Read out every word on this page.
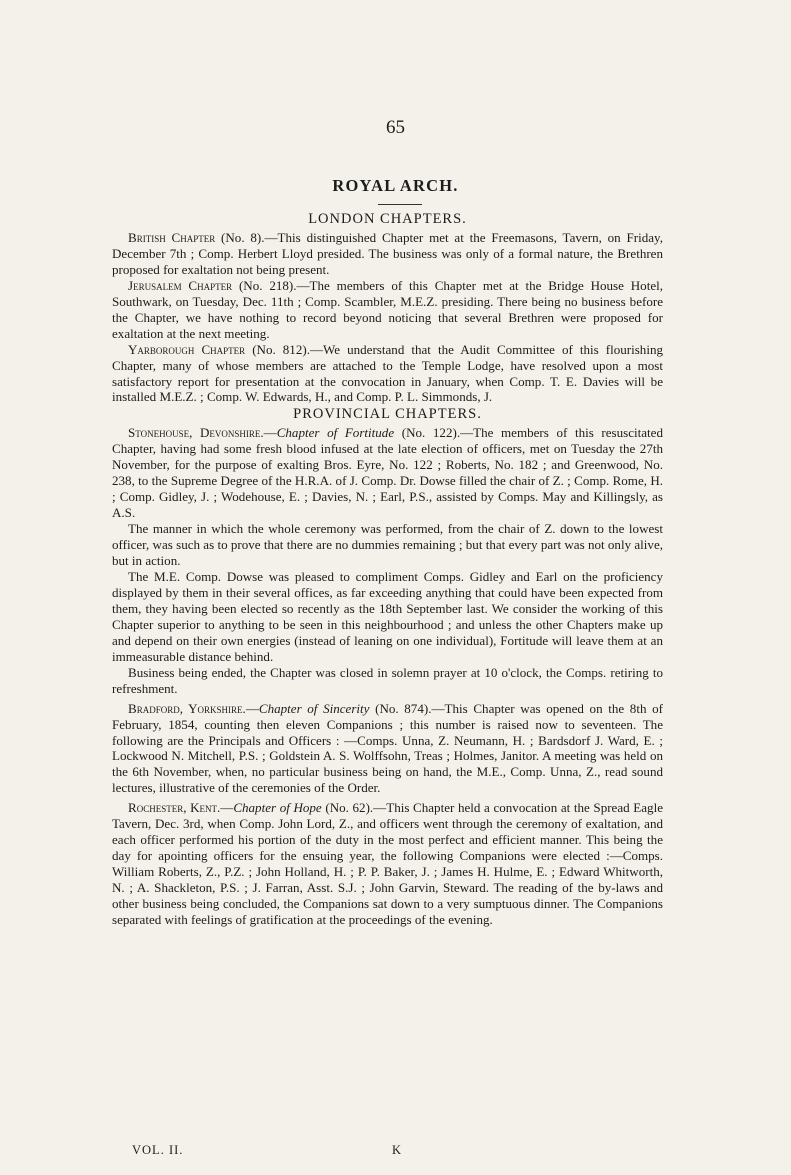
65
ROYAL ARCH.
LONDON CHAPTERS.

British Chapter (No. 8).—This distinguished Chapter met at the Freemasons, Tavern, on Friday, December 7th ; Comp. Herbert Lloyd presided. The business was only of a formal nature, the Brethren proposed for exaltation not being present.

Jerusalem Chapter (No. 218).—The members of this Chapter met at the Bridge House Hotel, Southwark, on Tuesday, Dec. 11th ; Comp. Scambler, M.E.Z. presiding. There being no business before the Chapter, we have nothing to record beyond noticing that several Brethren were proposed for exaltation at the next meeting.

Yarborough Chapter (No. 812).—We understand that the Audit Committee of this flourishing Chapter, many of whose members are attached to the Temple Lodge, have resolved upon a most satisfactory report for presentation at the convocation in January, when Comp. T. E. Davies will be installed M.E.Z. ; Comp. W. Edwards, H., and Comp. P. L. Simmonds, J.

PROVINCIAL CHAPTERS.

Stonehouse, Devonshire.—Chapter of Fortitude (No. 122).—The members of this resuscitated Chapter, having had some fresh blood infused at the late election of officers, met on Tuesday the 27th November, for the purpose of exalting Bros. Eyre, No. 122 ; Roberts, No. 182 ; and Greenwood, No. 238, to the Supreme Degree of the H.R.A. of J. Comp. Dr. Dowse filled the chair of Z. ; Comp. Rome, H. ; Comp. Gidley, J. ; Wodehouse, E. ; Davies, N. ; Earl, P.S., assisted by Comps. May and Killingsly, as A.S.

The manner in which the whole ceremony was performed, from the chair of Z. down to the lowest officer, was such as to prove that there are no dummies remaining ; but that every part was not only alive, but in action.

The M.E. Comp. Dowse was pleased to compliment Comps. Gidley and Earl on the proficiency displayed by them in their several offices, as far exceeding anything that could have been expected from them, they having been elected so recently as the 18th September last. We consider the working of this Chapter superior to anything to be seen in this neighbourhood ; and unless the other Chapters make up and depend on their own energies (instead of leaning on one individual), Fortitude will leave them at an immeasurable distance behind.

Business being ended, the Chapter was closed in solemn prayer at 10 o'clock, the Comps. retiring to refreshment.

Bradford, Yorkshire.—Chapter of Sincerity (No. 874).—This Chapter was opened on the 8th of February, 1854, counting then eleven Companions ; this number is raised now to seventeen. The following are the Principals and Officers : —Comps. Unna, Z. Neumann, H. ; Bardsdorf J. Ward, E. ; Lockwood N. Mitchell, P.S. ; Goldstein A. S. Wolffsohn, Treas ; Holmes, Janitor. A meeting was held on the 6th November, when, no particular business being on hand, the M.E., Comp. Unna, Z., read sound lectures, illustrative of the ceremonies of the Order.

Rochester, Kent.—Chapter of Hope (No. 62).—This Chapter held a convocation at the Spread Eagle Tavern, Dec. 3rd, when Comp. John Lord, Z., and officers went through the ceremony of exaltation, and each officer performed his portion of the duty in the most perfect and efficient manner. This being the day for apointing officers for the ensuing year, the following Companions were elected :—Comps. William Roberts, Z., P.Z. ; John Holland, H. ; P. P. Baker, J. ; James H. Hulme, E. ; Edward Whitworth, N. ; A. Shackleton, P.S. ; J. Farran, Asst. S.J. ; John Garvin, Steward. The reading of the by-laws and other business being concluded, the Companions sat down to a very sumptuous dinner. The Companions separated with feelings of gratification at the proceedings of the evening.

VOL. II.	K
